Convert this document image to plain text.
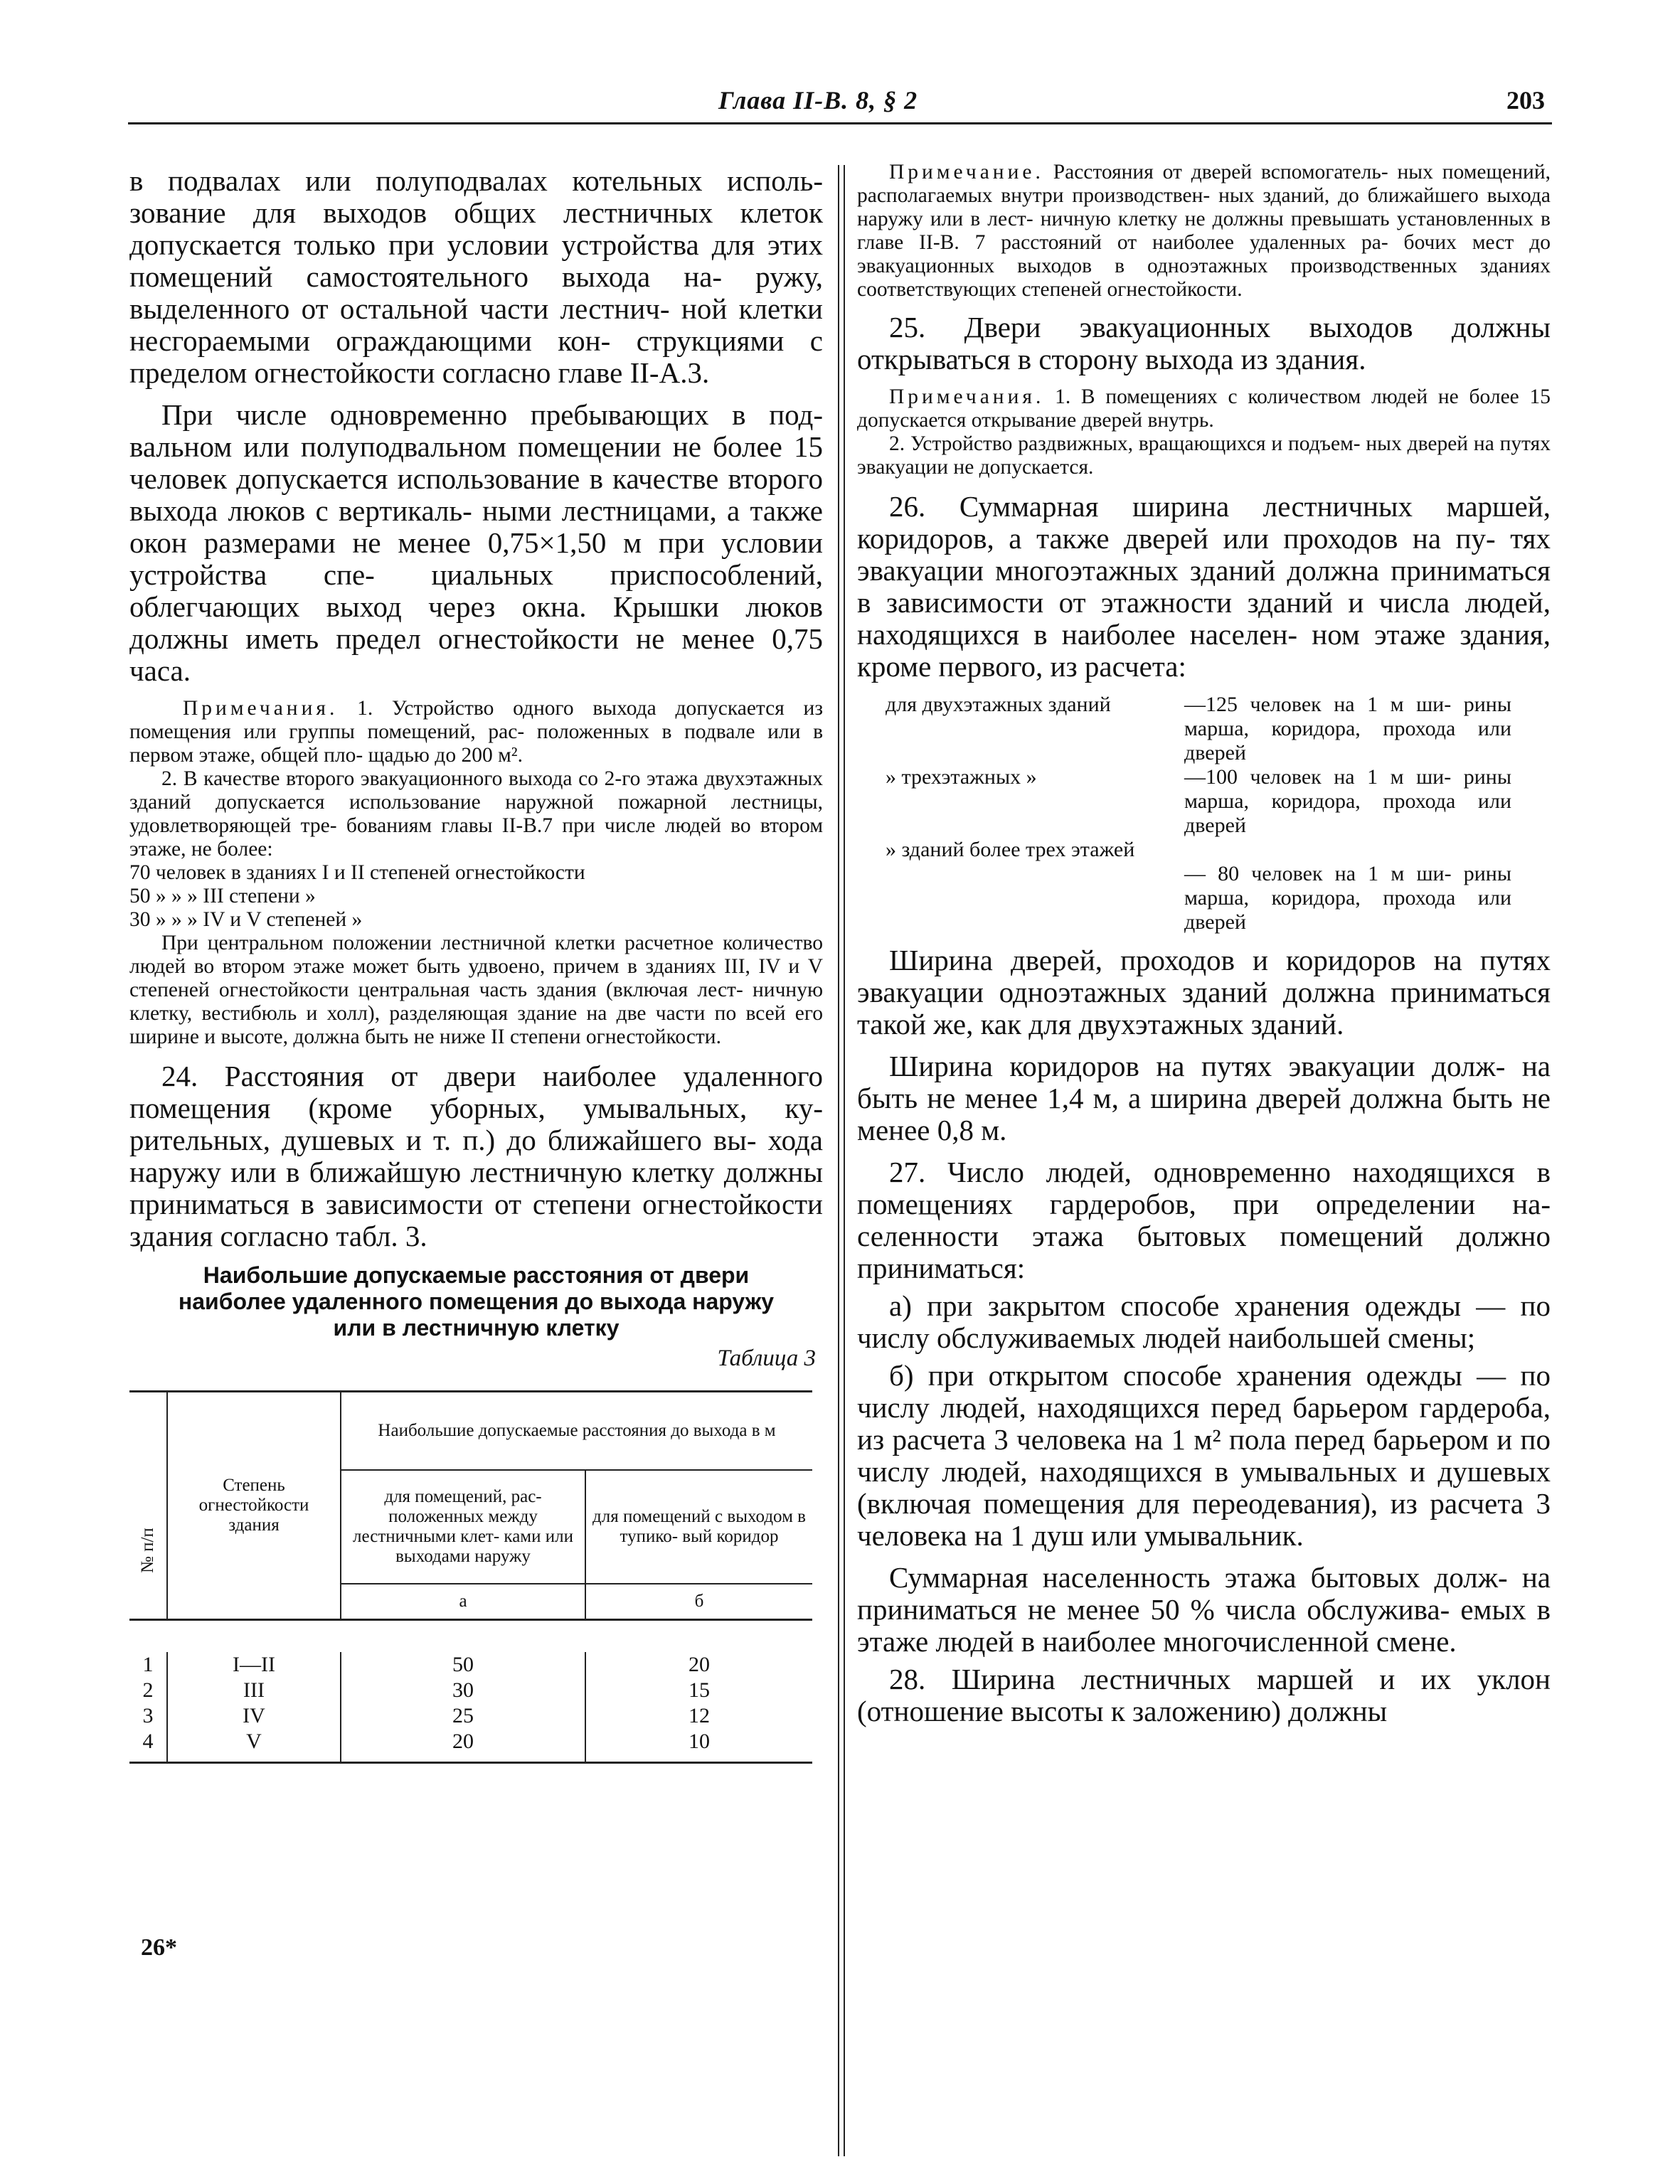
Глава II-В. 8, § 2	203

в подвалах или полуподвалах котельных исполь- зование для выходов общих лестничных клеток допускается только при условии устройства для этих помещений самостоятельного выхода на- ружу, выделенного от остальной части лестнич- ной клетки несгораемыми ограждающими кон- струкциями с пределом огнестойкости согласно главе II-А.3.

При числе одновременно пребывающих в под- вальном или полуподвальном помещении не более 15 человек допускается использование в качестве второго выхода люков с вертикаль- ными лестницами, а также окон размерами не менее 0,75×1,50 м при условии устройства спе- циальных приспособлений, облегчающих выход через окна. Крышки люков должны иметь предел огнестойкости не менее 0,75 часа.

Примечания. 1. Устройство одного выхода допускается из помещения или группы помещений, рас- положенных в подвале или в первом этаже, общей пло- щадью до 200 м².

2. В качестве второго эвакуационного выхода со 2-го этажа двухэтажных зданий допускается использование наружной пожарной лестницы, удовлетворяющей тре- бованиям главы II-В.7 при числе людей во втором этаже, не более:

70 человек в зданиях I и II степеней огнестойкости

50 » » » III степени »

30 » » » IV и V степеней »

При центральном положении лестничной клетки расчетное количество людей во втором этаже может быть удвоено, причем в зданиях III, IV и V степеней огнестойкости центральная часть здания (включая лест- ничную клетку, вестибюль и холл), разделяющая здание на две части по всей его ширине и высоте, должна быть не ниже II степени огнестойкости.

24. Расстояния от двери наиболее удаленного помещения (кроме уборных, умывальных, ку- рительных, душевых и т. п.) до ближайшего вы- хода наружу или в ближайшую лестничную клетку должны приниматься в зависимости от степени огнестойкости здания согласно табл. 3.

Наибольшие допускаемые расстояния от двери наиболее удаленного помещения до выхода наружу или в лестничную клетку
Таблица 3
№ п/п	Степень огнестойкости здания	Наибольшие допускаемые расстояния до выхода в м	
		для помещений, рас- положенных между лестничными клет- ками или выходами наружу	для помещений с выходом в тупико- вый коридор
		а	б

1	I—II	50	20
2	III	30	15
3	IV	25	12
4	V	20	10

Примечание. Расстояния от дверей вспомогатель- ных помещений, располагаемых внутри производствен- ных зданий, до ближайшего выхода наружу или в лест- ничную клетку не должны превышать установленных в главе II-В. 7 расстояний от наиболее удаленных ра- бочих мест до эвакуационных выходов в одноэтажных производственных зданиях соответствующих степеней огнестойкости.

25. Двери эвакуационных выходов должны открываться в сторону выхода из здания.

Примечания. 1. В помещениях с количеством людей не более 15 допускается открывание дверей внутрь.

2. Устройство раздвижных, вращающихся и подъем- ных дверей на путях эвакуации не допускается.

26. Суммарная ширина лестничных маршей, коридоров, а также дверей или проходов на пу- тях эвакуации многоэтажных зданий должна приниматься в зависимости от этажности зданий и числа людей, находящихся в наиболее населен- ном этаже здания, кроме первого, из расчета:

для двухэтажных зданий	—125 человек на 1 м ши- рины марша, коридора, прохода или дверей
» трехэтажных »	—100 человек на 1 м ши- рины марша, коридора, прохода или дверей
» зданий более трех этажей
— 80 человек на 1 м ши- рины марша, коридора, прохода или дверей

Ширина дверей, проходов и коридоров на путях эвакуации одноэтажных зданий должна приниматься такой же, как для двухэтажных зданий.

Ширина коридоров на путях эвакуации долж- на быть не менее 1,4 м, а ширина дверей должна быть не менее 0,8 м.

27. Число людей, одновременно находящихся в помещениях гардеробов, при определении на- селенности этажа бытовых помещений должно приниматься:

а) при закрытом способе хранения одежды — по числу обслуживаемых людей наибольшей смены;

б) при открытом способе хранения одежды — по числу людей, находящихся перед барьером гардероба, из расчета 3 человека на 1 м² пола перед барьером и по числу людей, находящихся в умывальных и душевых (включая помещения для переодевания), из расчета 3 человека на 1 душ или умывальник.

Суммарная населенность этажа бытовых долж- на приниматься не менее 50 % числа обслужива- емых в этаже людей в наиболее многочисленной смене.

28. Ширина лестничных маршей и их уклон (отношение высоты к заложению) должны

26*
